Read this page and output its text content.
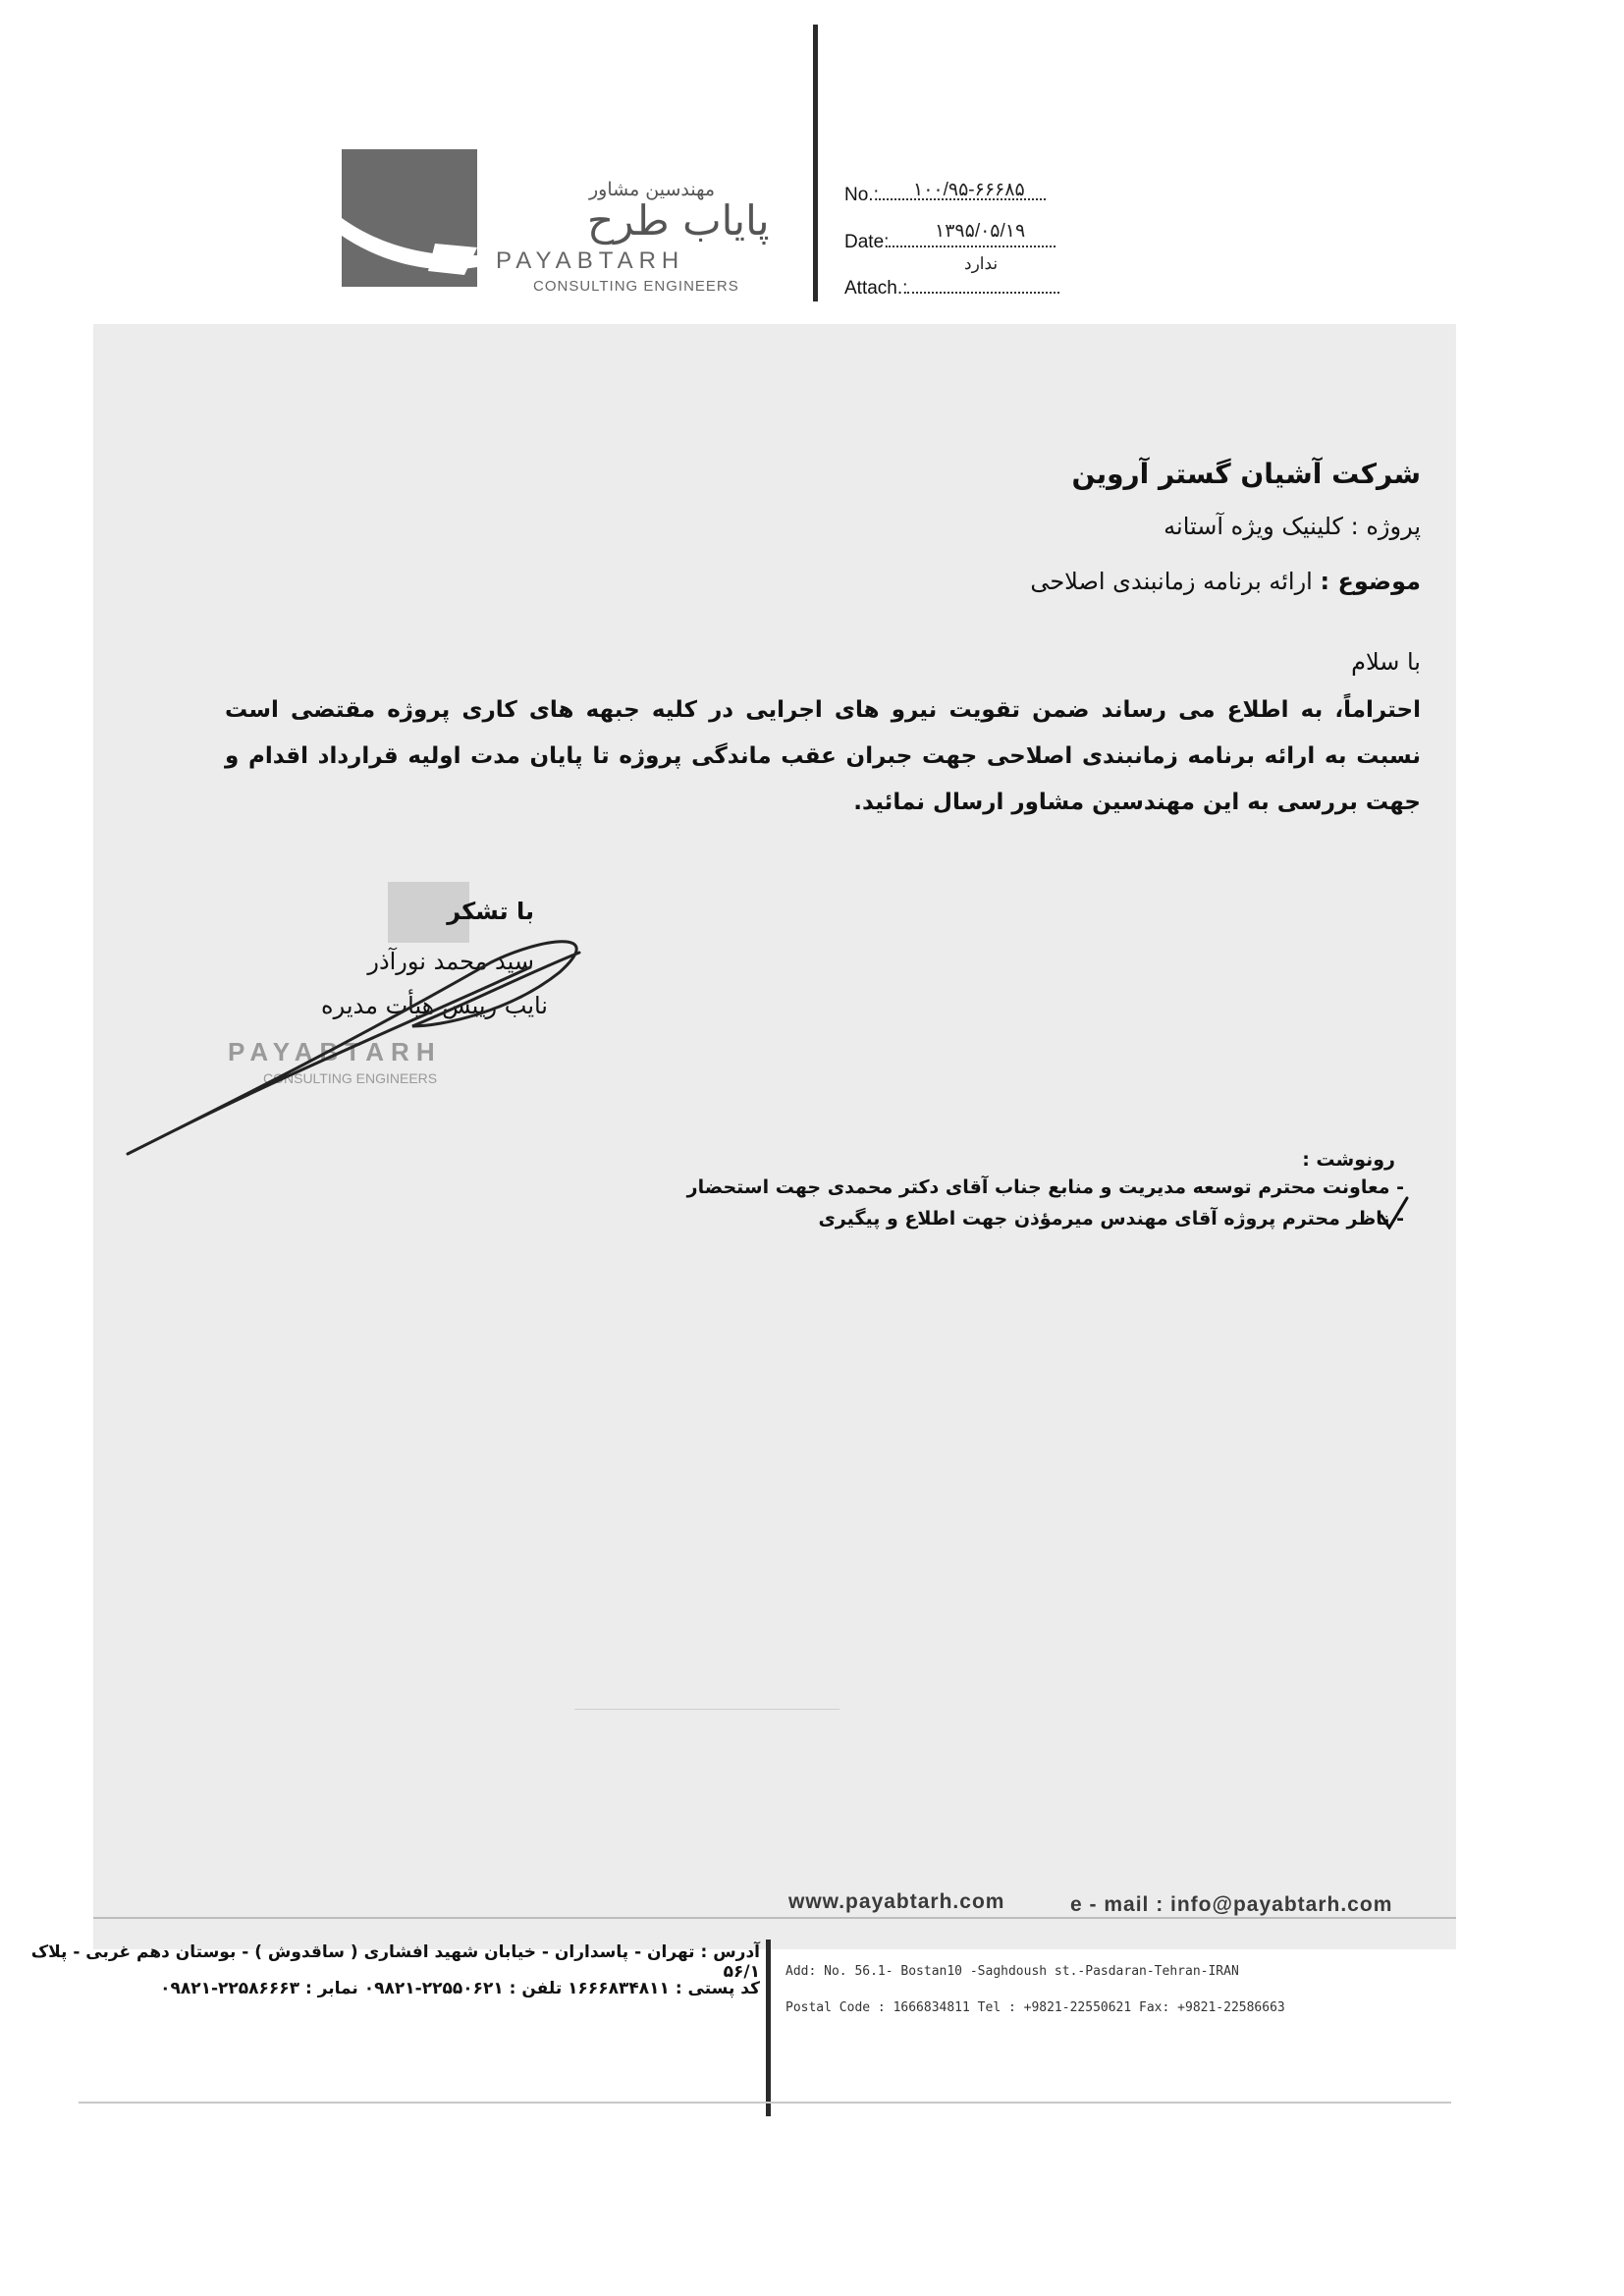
مهندسین مشاور
پایاب طرح
PAYABTARH
CONSULTING ENGINEERS
No.: ۱۰۰/۹۵-۶۶۶۸۵
Date:
۱۳۹۵/۰۵/۱۹
Attach.:
ندارد
شرکت آشیان گستر آروین
پروژه : کلینیک ویژه آستانه
موضوع : ارائه برنامه زمانبندی اصلاحی
با سلام
احتراماً، به اطلاع می رساند ضمن تقویت نیرو های اجرایی در کلیه جبهه های کاری پروژه مقتضی است نسبت به ارائه برنامه زمانبندی اصلاحی جهت جبران عقب ماندگی پروژه تا پایان مدت اولیه قرارداد اقدام و جهت بررسی به این مهندسین مشاور ارسال نمائید.
PAYABTARH
CONSULTING ENGINEERS
با تشکر
سید محمد نورآذر
نایب رییس هیأت مدیره
رونوشت :
- معاونت محترم توسعه مدیریت و منابع جناب آقای دکتر محمدی جهت استحضار
- ناظر محترم پروژه آقای مهندس میرمؤذن جهت اطلاع و پیگیری
www.payabtarh.com	e - mail : info@payabtarh.com
آدرس : تهران - پاسداران - خیابان شهید افشاری ( ساقدوش ) - بوستان دهم غربی - پلاک ۵۶/۱
کد پستی : ۱۶۶۶۸۳۴۸۱۱ تلفن : ۲۲۵۵۰۶۲۱-۰۹۸۲۱ نمابر : ۲۲۵۸۶۶۶۳-۰۹۸۲۱
Add: No. 56.1- Bostan10 -Saghdoush st.-Pasdaran-Tehran-IRAN
Postal Code : 1666834811 Tel : +9821-22550621 Fax: +9821-22586663
